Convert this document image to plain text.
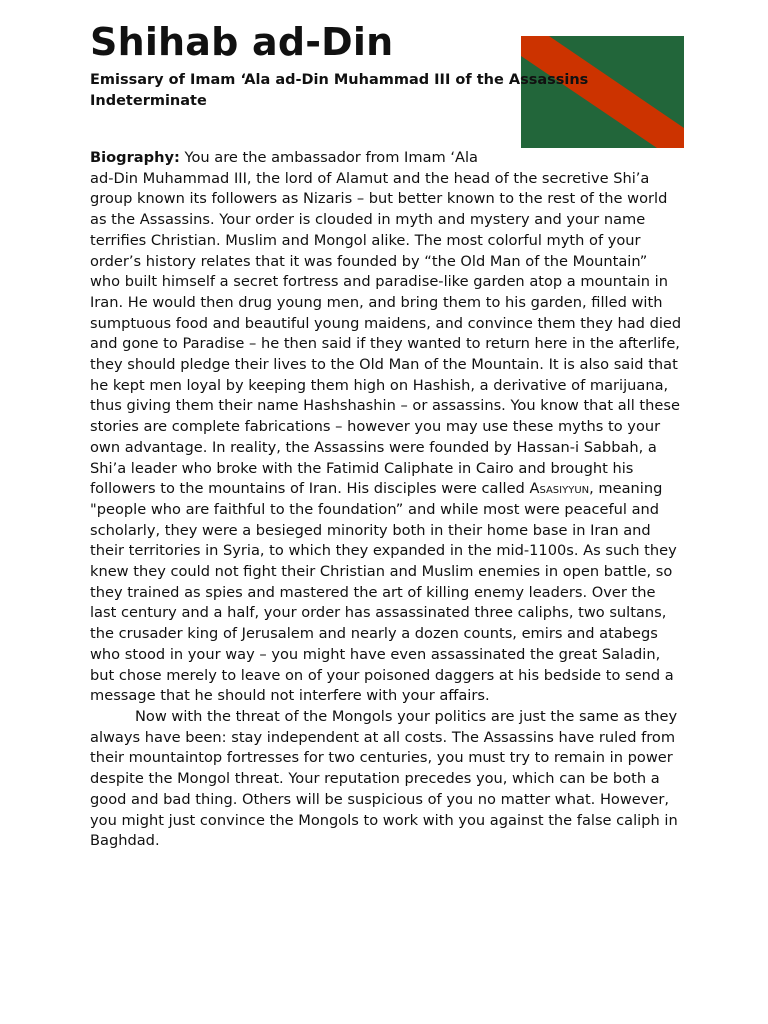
Shihab ad-Din
Emissary of Imam ‘Ala ad-Din Muhammad III of the Assassins
Indeterminate

Biography: You are the ambassador from Imam ‘Ala ad-Din Muhammad III, the lord of Alamut and the head of the secretive Shi’a group known its followers as Nizaris – but better known to the rest of the world as the Assassins. Your order is clouded in myth and mystery and your name terrifies Christian. Muslim and Mongol alike. The most colorful myth of your order’s history relates that it was founded by “the Old Man of the Mountain” who built himself a secret fortress and paradise-like garden atop a mountain in Iran. He would then drug young men, and bring them to his garden, filled with sumptuous food and beautiful young maidens, and convince them they had died and gone to Paradise – he then said if they wanted to return here in the afterlife, they should pledge their lives to the Old Man of the Mountain. It is also said that he kept men loyal by keeping them high on Hashish, a derivative of marijuana, thus giving them their name Hashshashin – or assassins. You know that all these stories are complete fabrications – however you may use these myths to your own advantage. In reality, the Assassins were founded by Hassan-i Sabbah, a Shi’a leader who broke with the Fatimid Caliphate in Cairo and brought his followers to the mountains of Iran. His disciples were called Asasiyyun, meaning "people who are faithful to the foundation” and while most were peaceful and scholarly, they were a besieged minority both in their home base in Iran and their territories in Syria, to which they expanded in the mid-1100s. As such they knew they could not fight their Christian and Muslim enemies in open battle, so they trained as spies and mastered the art of killing enemy leaders. Over the last century and a half, your order has assassinated three caliphs, two sultans, the crusader king of Jerusalem and nearly a dozen counts, emirs and atabegs who stood in your way – you might have even assassinated the great Saladin, but chose merely to leave on of your poisoned daggers at his bedside to send a message that he should not interfere with your affairs.

Now with the threat of the Mongols your politics are just the same as they always have been: stay independent at all costs. The Assassins have ruled from their mountaintop fortresses for two centuries, you must try to remain in power despite the Mongol threat. Your reputation precedes you, which can be both a good and bad thing. Others will be suspicious of you no matter what. However, you might just convince the Mongols to work with you against the false caliph in Baghdad.
